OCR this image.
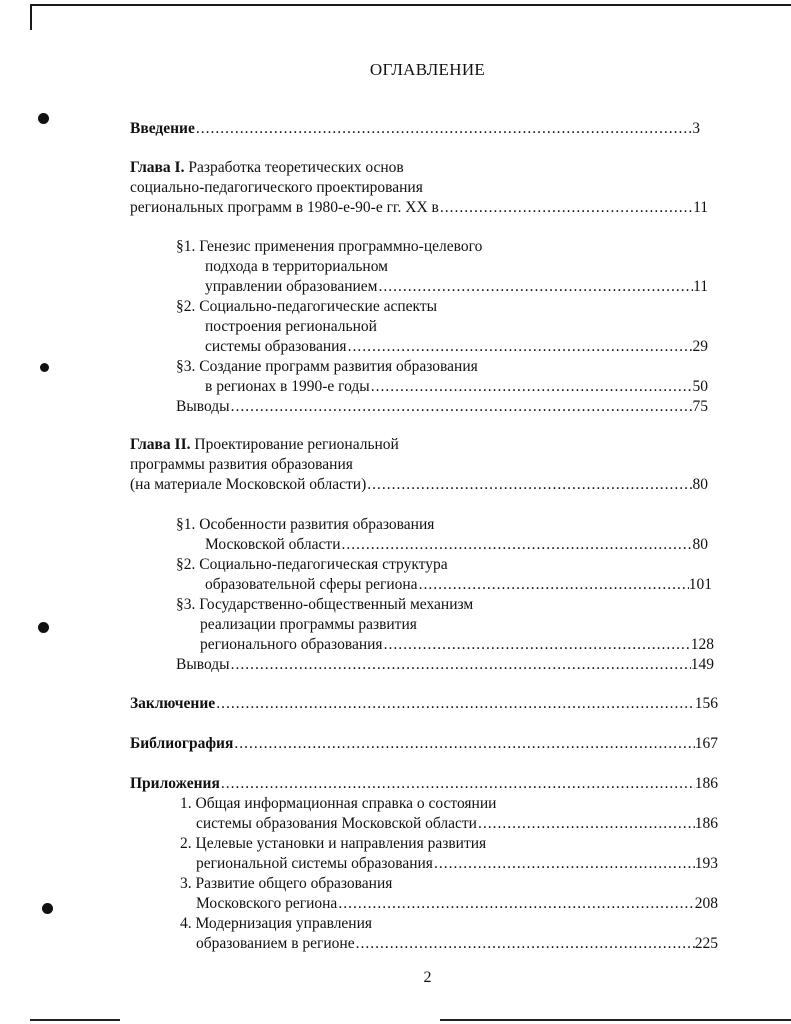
ОГЛАВЛЕНИЕ
Введение .....	3
Глава I. Разработка теоретических основ
социально-педагогического проектирования
региональных программ в 1980-е-90-е гг. XX в .....	11
§1. Генезис применения программно-целевого
подхода в территориальном
управлении образованием .....	11
§2. Социально-педагогические аспекты
построения региональной
системы образования .....	29
§3. Создание программ развития образования
в регионах в 1990-е годы .....	50
Выводы .....	75
Глава II. Проектирование региональной
программы развития образования
(на материале Московской области) .....	80
§1. Особенности развития образования
Московской области .....	80
§2. Социально-педагогическая структура
образовательной сферы региона .....	101
§3. Государственно-общественный механизм
реализации программы развития
регионального образования .....	128
Выводы .....	149
Заключение .....	156
Библиография .....	167
Приложения .....	186
1. Общая информационная справка о состоянии
системы образования Московской области .....	186
2. Целевые установки и направления развития
региональной системы образования .....	193
3. Развитие общего образования
Московского региона .....	208
4. Модернизация управления
образованием в регионе .....	225
2
